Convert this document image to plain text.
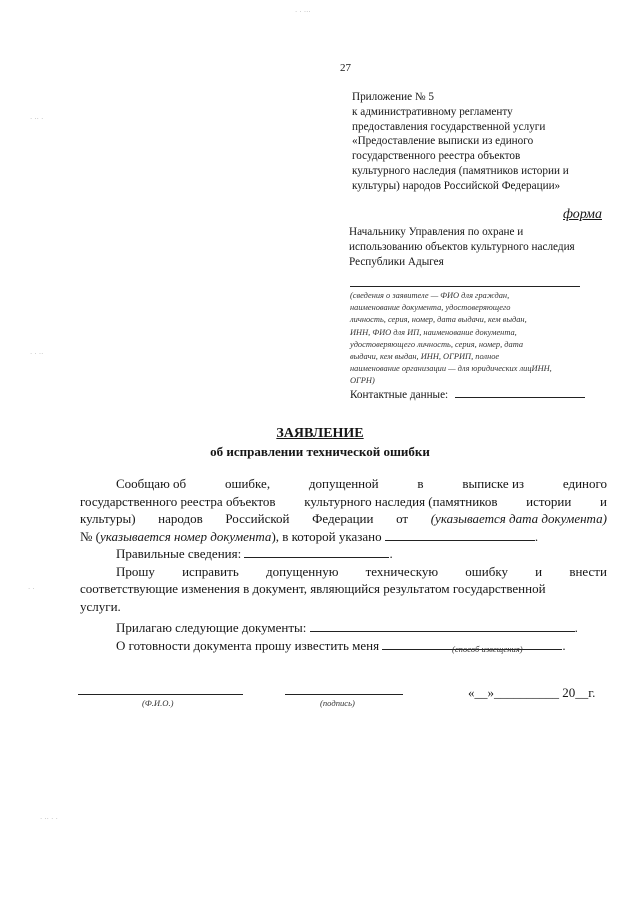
27
Приложение № 5
к административному регламенту
предоставления государственной услуги
«Предоставление выписки из единого
государственного реестра объектов
культурного наследия (памятников истории и
культуры) народов Российской Федерации»
форма
Начальнику Управления по охране и
использованию объектов культурного наследия
Республики Адыгея
(сведения о заявителе — ФИО для граждан,
наименование документа, удостоверяющего
личность, серия, номер, дата выдачи, кем выдан,
ИНН, ФИО для ИП, наименование документа,
удостоверяющего личность, серия, номер, дата
выдачи, кем выдан, ИНН, ОГРИП, полное
наименование организации — для юридических лицИНН,
ОГРН)
Контактные данные:
ЗАЯВЛЕНИЕ
об исправлении технической ошибки
Сообщаю об	ошибке,	допущенной	в	выписке из	единого
государственного реестра объектов культурного наследия (памятников истории и
культуры) народов Российской Федерации от (указывается дата документа)
№ (указывается номер документа), в которой указано	.
Правильные сведения:	.
Прошу исправить допущенную техническую ошибку и внести
соответствующие изменения в документ, являющийся результатом государственной
услуги.
Прилагаю следующие документы:	.
О готовности документа прошу известить меня	.
(способ извещения)
(Ф.И.О.)	(подпись)
«__»__________ 20__г.
· · ···
· ·· ·
· · ··
· ·
· ·· · ·
